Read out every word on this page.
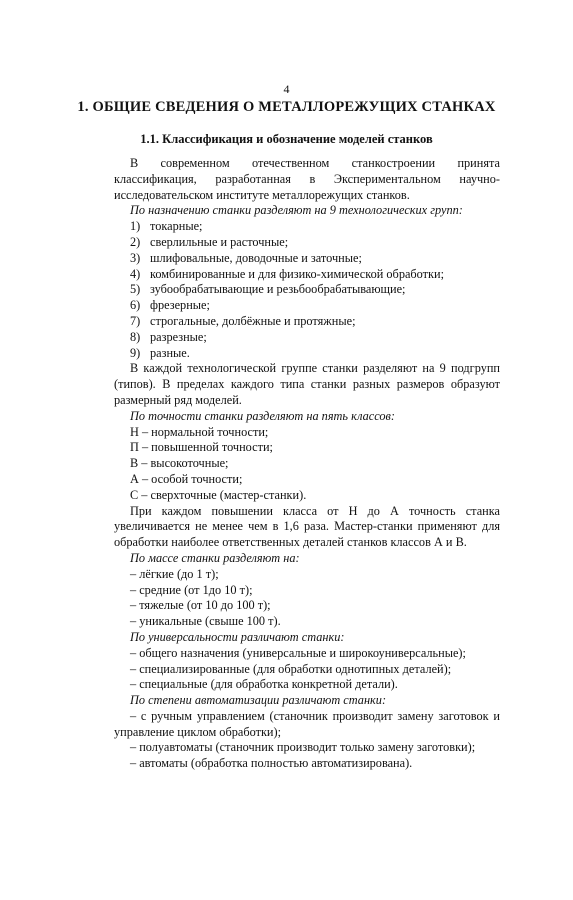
4
1. ОБЩИЕ СВЕДЕНИЯ О МЕТАЛЛОРЕЖУЩИХ СТАНКАХ
1.1. Классификация и обозначение моделей станков

В современном отечественном станкостроении принята классификация, разработанная в Экспериментальном научно-исследовательском институте металлорежущих станков.

По назначению станки разделяют на 9 технологических групп:

1) токарные;

2) сверлильные и расточные;

3) шлифовальные, доводочные и заточные;

4) комбинированные и для физико-химической обработки;

5) зубообрабатывающие и резьбообрабатывающие;

6) фрезерные;

7) строгальные, долбёжные и протяжные;

8) разрезные;

9) разные.

В каждой технологической группе станки разделяют на 9 подгрупп (типов). В пределах каждого типа станки разных размеров образуют размерный ряд моделей.

По точности станки разделяют на пять классов:

Н – нормальной точности;

П – повышенной точности;

В – высокоточные;

А – особой точности;

С – сверхточные (мастер-станки).

При каждом повышении класса от Н до А точность станка увеличивается не менее чем в 1,6 раза. Мастер-станки применяют для обработки наиболее ответственных деталей станков классов А и В.

По массе станки разделяют на:

– лёгкие (до 1 т);

– средние (от 1до 10 т);

– тяжелые (от 10 до 100 т);

– уникальные (свыше 100 т).

По универсальности различают станки:

– общего назначения (универсальные и широкоуниверсальные);

– специализированные (для обработки однотипных деталей);

– специальные (для обработка конкретной детали).

По степени автоматизации различают станки:

– с ручным управлением (станочник производит замену заготовок и управление циклом обработки);

– полуавтоматы (станочник производит только замену заготовки);

– автоматы (обработка полностью автоматизирована).
